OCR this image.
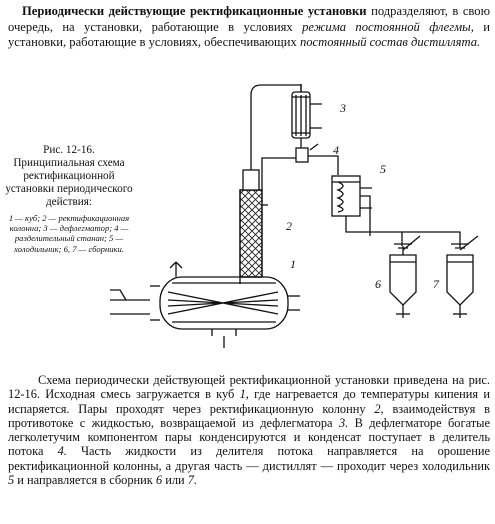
Периодически действующие ректификационные установки подразделяют, в свою очередь, на установки, работающие в условиях режима постоянной флегмы, и установки, работающие в условиях, обеспечивающих постоянный состав дистиллята.

Рис. 12-16. Принципиальная схема ректификационной установки периодического действия:
1 — куб; 2 — ректификационная колонна; 3 — дефлегматор; 4 — разделительный станан; 5 — холодильник; 6, 7 — сборники.
1
2
3
4
5
6	7

Схема периодически действующей ректификационной установки приведена на рис. 12-16. Исходная смесь загружается в куб 1, где нагревается до температуры кипения и испаряется. Пары проходят через ректификационную колонну 2, взаимодействуя в противотоке с жидкостью, возвращаемой из дефлегматора 3. В дефлегматоре богатые легколетучим компонентом пары конденсируются и конденсат поступает в делитель потока 4. Часть жидкости из делителя потока направляется на орошение ректификационной колонны, а другая часть — дистиллят — проходит через холодильник 5 и направляется в сборник 6 или 7.
